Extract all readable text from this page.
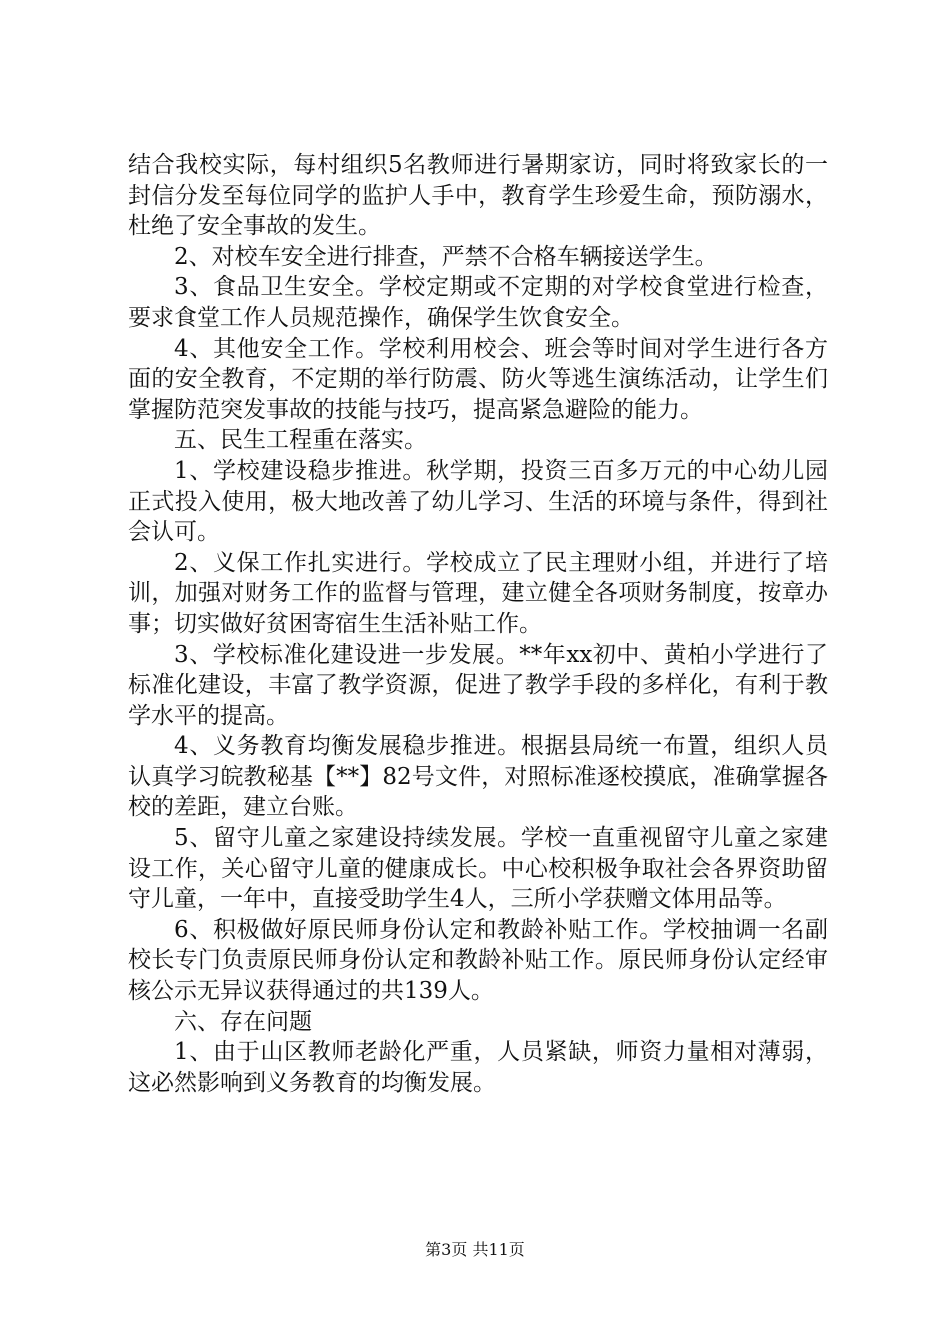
结合我校实际，每村组织5名教师进行暑期家访，同时将致家长的一封信分发至每位同学的监护人手中，教育学生珍爱生命，预防溺水，杜绝了安全事故的发生。

2、对校车安全进行排查，严禁不合格车辆接送学生。

3、食品卫生安全。学校定期或不定期的对学校食堂进行检查，要求食堂工作人员规范操作，确保学生饮食安全。

4、其他安全工作。学校利用校会、班会等时间对学生进行各方面的安全教育，不定期的举行防震、防火等逃生演练活动，让学生们掌握防范突发事故的技能与技巧，提高紧急避险的能力。

五、民生工程重在落实。

1、学校建设稳步推进。秋学期，投资三百多万元的中心幼儿园正式投入使用，极大地改善了幼儿学习、生活的环境与条件，得到社会认可。

2、义保工作扎实进行。学校成立了民主理财小组，并进行了培训，加强对财务工作的监督与管理，建立健全各项财务制度，按章办事；切实做好贫困寄宿生生活补贴工作。

3、学校标准化建设进一步发展。**年xx初中、黄柏小学进行了标准化建设，丰富了教学资源，促进了教学手段的多样化，有利于教学水平的提高。

4、义务教育均衡发展稳步推进。根据县局统一布置，组织人员认真学习皖教秘基【**】82号文件，对照标准逐校摸底，准确掌握各校的差距，建立台账。

5、留守儿童之家建设持续发展。学校一直重视留守儿童之家建设工作，关心留守儿童的健康成长。中心校积极争取社会各界资助留守儿童，一年中，直接受助学生4人，三所小学获赠文体用品等。

6、积极做好原民师身份认定和教龄补贴工作。学校抽调一名副校长专门负责原民师身份认定和教龄补贴工作。原民师身份认定经审核公示无异议获得通过的共139人。

六、存在问题

1、由于山区教师老龄化严重，人员紧缺，师资力量相对薄弱，这必然影响到义务教育的均衡发展。

第3页 共11页
